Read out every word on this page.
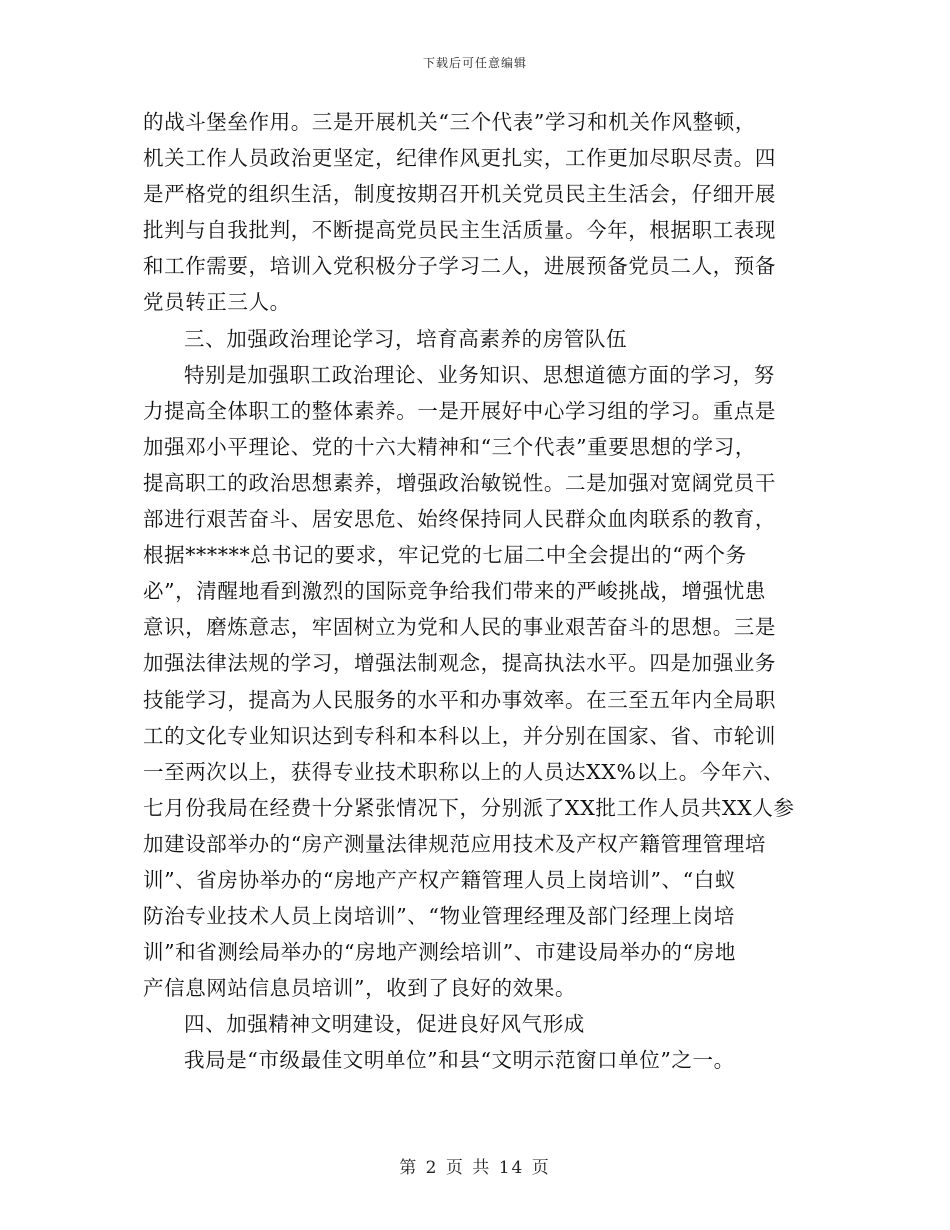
下载后可任意编辑
的战斗堡垒作用。三是开展机关“三个代表”学习和机关作风整顿，
机关工作人员政治更坚定，纪律作风更扎实，工作更加尽职尽责。四
是严格党的组织生活，制度按期召开机关党员民主生活会，仔细开展
批判与自我批判，不断提高党员民主生活质量。今年，根据职工表现
和工作需要，培训入党积极分子学习二人，进展预备党员二人，预备
党员转正三人。
三、加强政治理论学习，培育高素养的房管队伍
特别是加强职工政治理论、业务知识、思想道德方面的学习，努
力提高全体职工的整体素养。一是开展好中心学习组的学习。重点是
加强邓小平理论、党的十六大精神和“三个代表”重要思想的学习，
提高职工的政治思想素养，增强政治敏锐性。二是加强对宽阔党员干
部进行艰苦奋斗、居安思危、始终保持同人民群众血肉联系的教育，
根据******总书记的要求，牢记党的七届二中全会提出的“两个务
必”，清醒地看到激烈的国际竞争给我们带来的严峻挑战，增强忧患
意识，磨炼意志，牢固树立为党和人民的事业艰苦奋斗的思想。三是
加强法律法规的学习，增强法制观念，提高执法水平。四是加强业务
技能学习，提高为人民服务的水平和办事效率。在三至五年内全局职
工的文化专业知识达到专科和本科以上，并分别在国家、省、市轮训
一至两次以上，获得专业技术职称以上的人员达XX%以上。今年六、
七月份我局在经费十分紧张情况下，分别派了XX批工作人员共XX人参
加建设部举办的“房产测量法律规范应用技术及产权产籍管理管理培
训”、省房协举办的“房地产产权产籍管理人员上岗培训”、“白蚁
防治专业技术人员上岗培训”、“物业管理经理及部门经理上岗培
训”和省测绘局举办的“房地产测绘培训”、市建设局举办的“房地
产信息网站信息员培训”，收到了良好的效果。
四、加强精神文明建设，促进良好风气形成
我局是“市级最佳文明单位”和县“文明示范窗口单位”之一。
第 2 页 共 14 页
